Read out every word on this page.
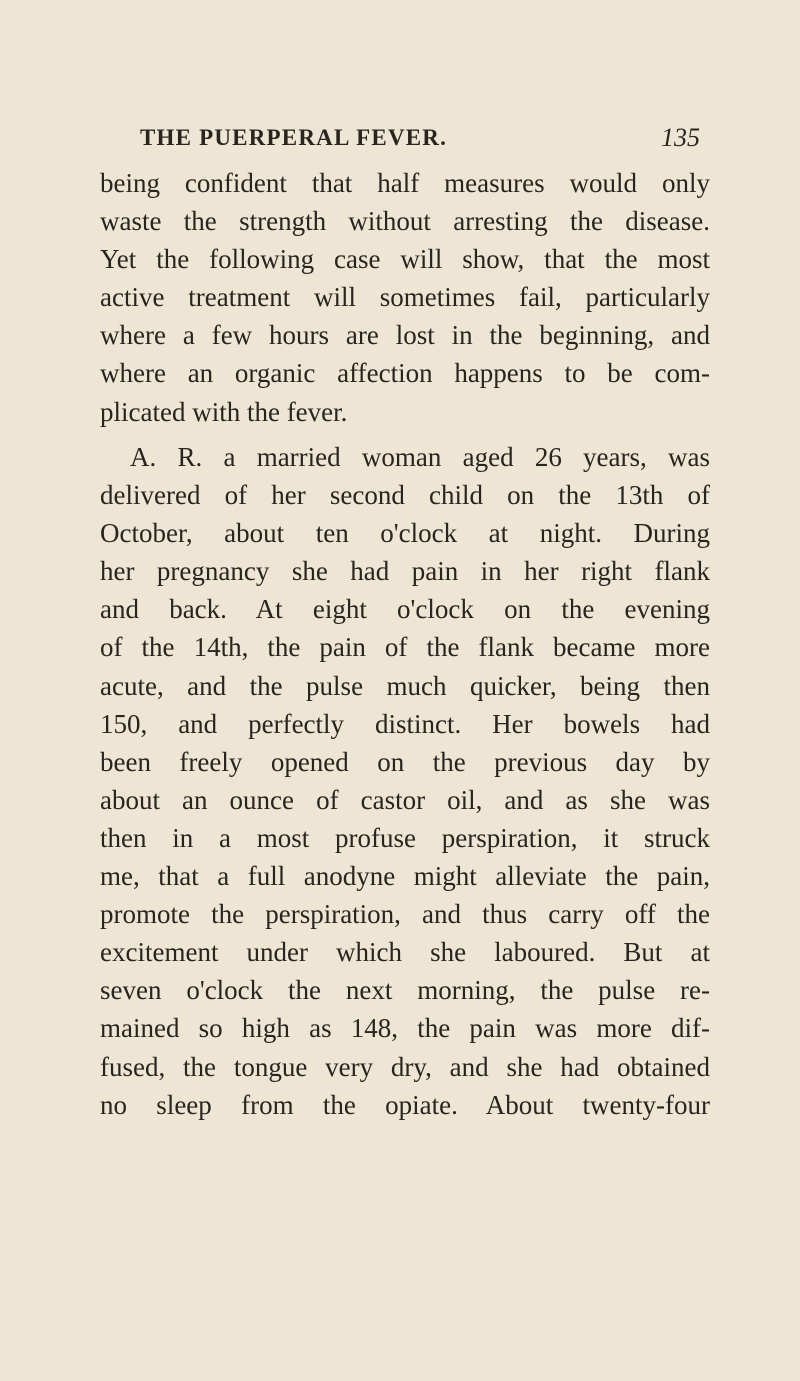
THE PUERPERAL FEVER.	135
being confident that half measures would only
waste the strength without arresting the disease.
Yet the following case will show, that the most
active treatment will sometimes fail, particularly
where a few hours are lost in the beginning, and
where an organic affection happens to be com-
plicated with the fever.
A. R. a married woman aged 26 years, was
delivered of her second child on the 13th of
October, about ten o'clock at night. During
her pregnancy she had pain in her right flank
and back. At eight o'clock on the evening
of the 14th, the pain of the flank became more
acute, and the pulse much quicker, being then
150, and perfectly distinct. Her bowels had
been freely opened on the previous day by
about an ounce of castor oil, and as she was
then in a most profuse perspiration, it struck
me, that a full anodyne might alleviate the pain,
promote the perspiration, and thus carry off the
excitement under which she laboured. But at
seven o'clock the next morning, the pulse re-
mained so high as 148, the pain was more dif-
fused, the tongue very dry, and she had obtained
no sleep from the opiate. About twenty-four
